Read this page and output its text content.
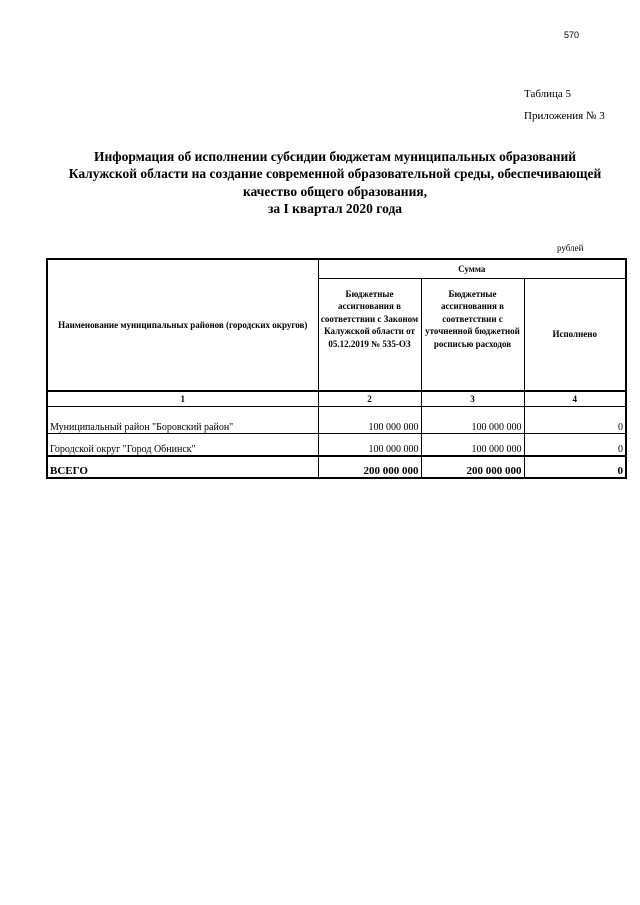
570
Таблица 5
Приложения № 3
Информация об исполнении субсидии бюджетам муниципальных образований
Калужской области на создание современной образовательной среды, обеспечивающей
качество общего образования,
за I квартал 2020 года
рублей
Наименование муниципальных районов (городских округов)	Сумма		
	Бюджетные ассигнования в соответствии с Законом Калужской области от 05.12.2019 № 535-ОЗ	Бюджетные ассигнования в соответствии с уточненной бюджетной росписью расходов	Исполнено
1	2	3	4
Муниципальный район "Боровский район"	100 000 000	100 000 000	0
Городской округ "Город Обнинск"	100 000 000	100 000 000	0
ВСЕГО	200 000 000	200 000 000	0
